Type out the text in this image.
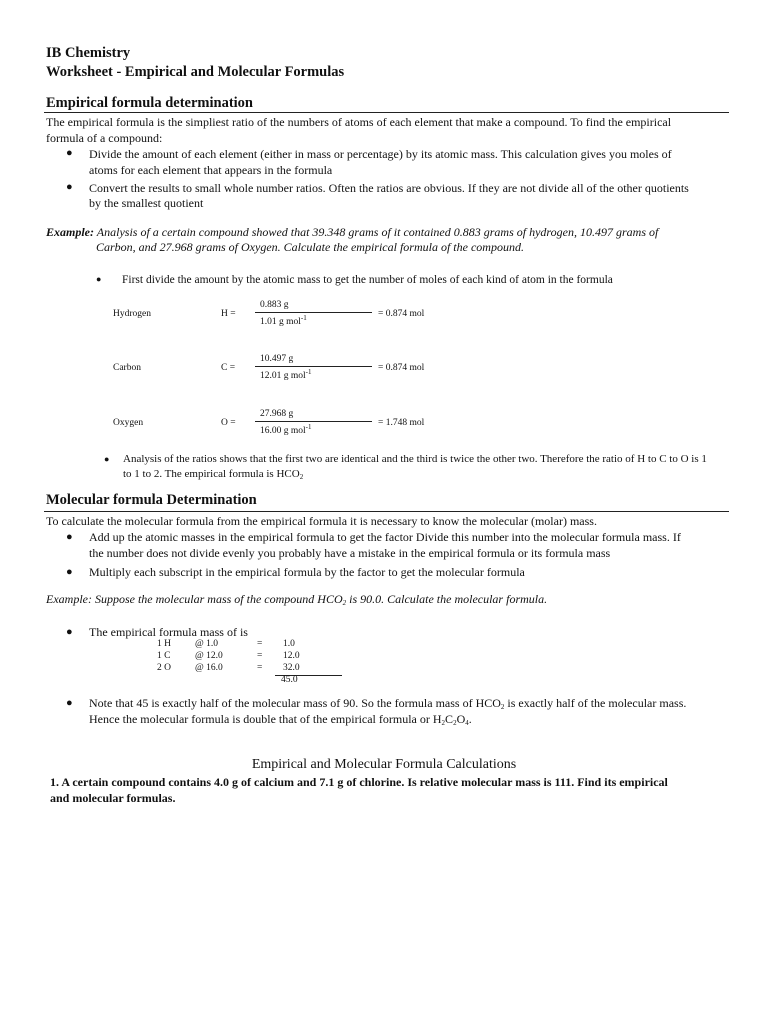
IB Chemistry
Worksheet - Empirical and Molecular Formulas
Empirical formula determination
The empirical formula is the simpliest ratio of the numbers of atoms of each element that make a compound. To find the empirical
formula of a compound:
● Divide the amount of each element (either in mass or percentage) by its atomic mass. This calculation gives you moles of
atoms for each element that appears in the formula
● Convert the results to small whole number ratios. Often the ratios are obvious. If they are not divide all of the other quotients
by the smallest quotient
Example: Analysis of a certain compound showed that 39.348 grams of it contained 0.883 grams of hydrogen, 10.497 grams of
Carbon, and 27.968 grams of Oxygen. Calculate the empirical formula of the compound.
● First divide the amount by the atomic mass to get the number of moles of each kind of atom in the formula
Hydrogen	H =
0.883 g
1.01 g mol$^{-1}$	= 0.874 mol
Carbon	C =
10.497 g
12.01 g mol$^{-1}$	= 0.874 mol
Oxygen	O =
27.968 g
16.00 g mol$^{-1}$	= 1.748 mol
● Analysis of the ratios shows that the first two are identical and the third is twice the other two. Therefore the ratio of H to C to O is 1
to 1 to 2. The empirical formula is $HCO_2$
Molecular formula Determination
To calculate the molecular formula from the empirical formula it is necessary to know the molecular (molar) mass.
● Add up the atomic masses in the empirical formula to get the factor Divide this number into the molecular formula mass. If
the number does not divide evenly you probably have a mistake in the empirical formula or its formula mass
● Multiply each subscript in the empirical formula by the factor to get the molecular formula
Example: Suppose the molecular mass of the compound $HCO_2$ is 90.0. Calculate the molecular formula.
● The empirical formula mass of is
1 H	@ 1.0	= 1.0
1 C	@ 12.0	= 12.0
2 O	@ 16.0	= 32.0
45.0
● Note that 45 is exactly half of the molecular mass of 90. So the formula mass of $HCO_2$ is exactly half of the molecular mass.
Hence the molecular formula is double that of the empirical formula or $H_2C_2O_4$.
Empirical and Molecular Formula Calculations
1. A certain compound contains 4.0 g of calcium and 7.1 g of chlorine. Is relative molecular mass is 111. Find its empirical
and molecular formulas.
